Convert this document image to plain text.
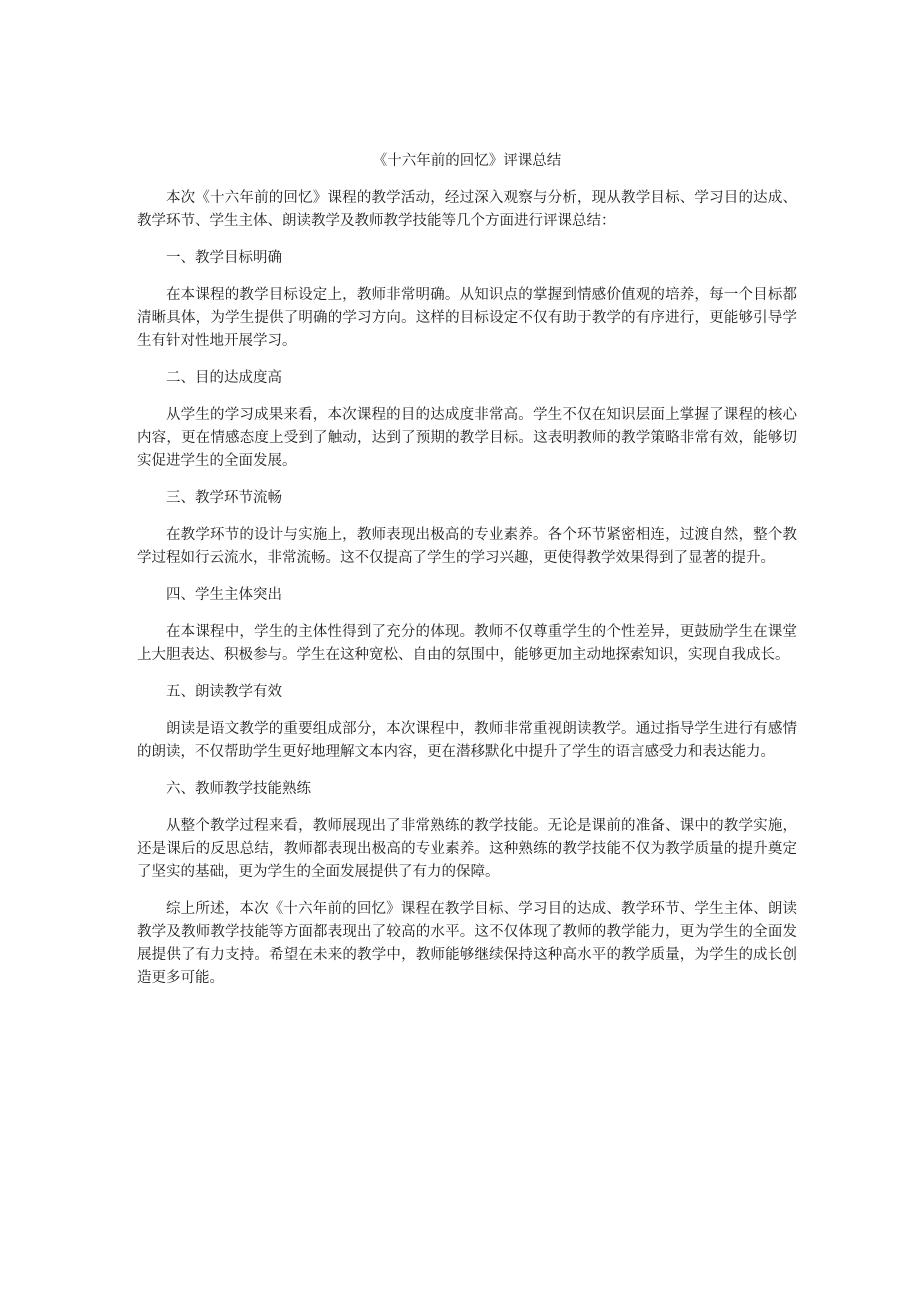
《十六年前的回忆》评课总结

本次《十六年前的回忆》课程的教学活动，经过深入观察与分析，现从教学目标、学习目的达成、教学环节、学生主体、朗读教学及教师教学技能等几个方面进行评课总结：

一、教学目标明确

在本课程的教学目标设定上，教师非常明确。从知识点的掌握到情感价值观的培养，每一个目标都清晰具体，为学生提供了明确的学习方向。这样的目标设定不仅有助于教学的有序进行，更能够引导学生有针对性地开展学习。

二、目的达成度高

从学生的学习成果来看，本次课程的目的达成度非常高。学生不仅在知识层面上掌握了课程的核心内容，更在情感态度上受到了触动，达到了预期的教学目标。这表明教师的教学策略非常有效，能够切实促进学生的全面发展。

三、教学环节流畅

在教学环节的设计与实施上，教师表现出极高的专业素养。各个环节紧密相连，过渡自然，整个教学过程如行云流水，非常流畅。这不仅提高了学生的学习兴趣，更使得教学效果得到了显著的提升。

四、学生主体突出

在本课程中，学生的主体性得到了充分的体现。教师不仅尊重学生的个性差异，更鼓励学生在课堂上大胆表达、积极参与。学生在这种宽松、自由的氛围中，能够更加主动地探索知识，实现自我成长。

五、朗读教学有效

朗读是语文教学的重要组成部分，本次课程中，教师非常重视朗读教学。通过指导学生进行有感情的朗读，不仅帮助学生更好地理解文本内容，更在潜移默化中提升了学生的语言感受力和表达能力。

六、教师教学技能熟练

从整个教学过程来看，教师展现出了非常熟练的教学技能。无论是课前的准备、课中的教学实施，还是课后的反思总结，教师都表现出极高的专业素养。这种熟练的教学技能不仅为教学质量的提升奠定了坚实的基础，更为学生的全面发展提供了有力的保障。

综上所述，本次《十六年前的回忆》课程在教学目标、学习目的达成、教学环节、学生主体、朗读教学及教师教学技能等方面都表现出了较高的水平。这不仅体现了教师的教学能力，更为学生的全面发展提供了有力支持。希望在未来的教学中，教师能够继续保持这种高水平的教学质量，为学生的成长创造更多可能。
